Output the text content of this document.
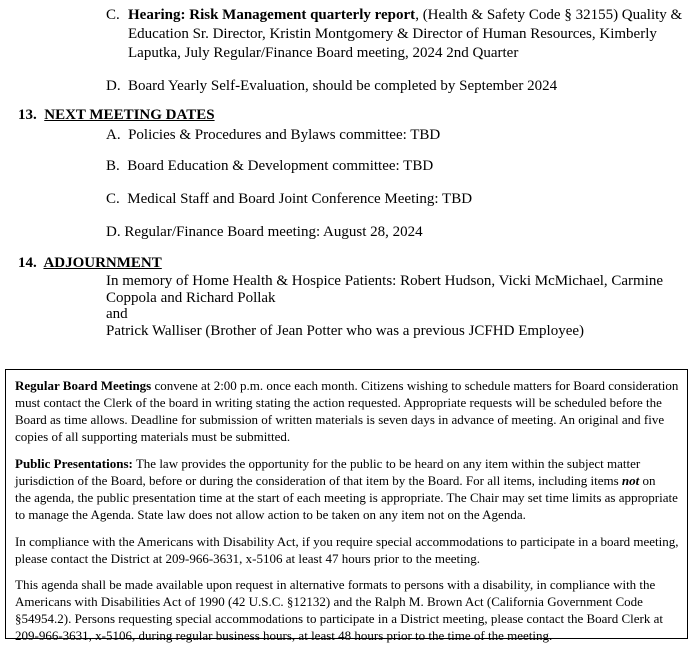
C. Hearing: Risk Management quarterly report, (Health & Safety Code § 32155) Quality &
Education Sr. Director, Kristin Montgomery & Director of Human Resources, Kimberly
Laputka, July Regular/Finance Board meeting, 2024 2nd Quarter
D. Board Yearly Self-Evaluation, should be completed by September 2024
13. NEXT MEETING DATES
A. Policies & Procedures and Bylaws committee: TBD
B. Board Education & Development committee: TBD
C. Medical Staff and Board Joint Conference Meeting: TBD
D. Regular/Finance Board meeting: August 28, 2024
14. ADJOURNMENT
In memory of Home Health & Hospice Patients: Robert Hudson, Vicki McMichael, Carmine
Coppola and Richard Pollak
and
Patrick Walliser (Brother of Jean Potter who was a previous JCFHD Employee)
Regular Board Meetings convene at 2:00 p.m. once each month. Citizens wishing to schedule matters for Board consideration
must contact the Clerk of the board in writing stating the action requested. Appropriate requests will be scheduled before the
Board as time allows. Deadline for submission of written materials is seven days in advance of meeting. An original and five
copies of all supporting materials must be submitted.
Public Presentations: The law provides the opportunity for the public to be heard on any item within the subject matter
jurisdiction of the Board, before or during the consideration of that item by the Board. For all items, including items not on
the agenda, the public presentation time at the start of each meeting is appropriate. The Chair may set time limits as appropriate
to manage the Agenda. State law does not allow action to be taken on any item not on the Agenda.
In compliance with the Americans with Disability Act, if you require special accommodations to participate in a board meeting,
please contact the District at 209-966-3631, x-5106 at least 47 hours prior to the meeting.
This agenda shall be made available upon request in alternative formats to persons with a disability, in compliance with the
Americans with Disabilities Act of 1990 (42 U.S.C. §12132) and the Ralph M. Brown Act (California Government Code
§54954.2). Persons requesting special accommodations to participate in a District meeting, please contact the Board Clerk at
209-966-3631, x-5106, during regular business hours, at least 48 hours prior to the time of the meeting.
